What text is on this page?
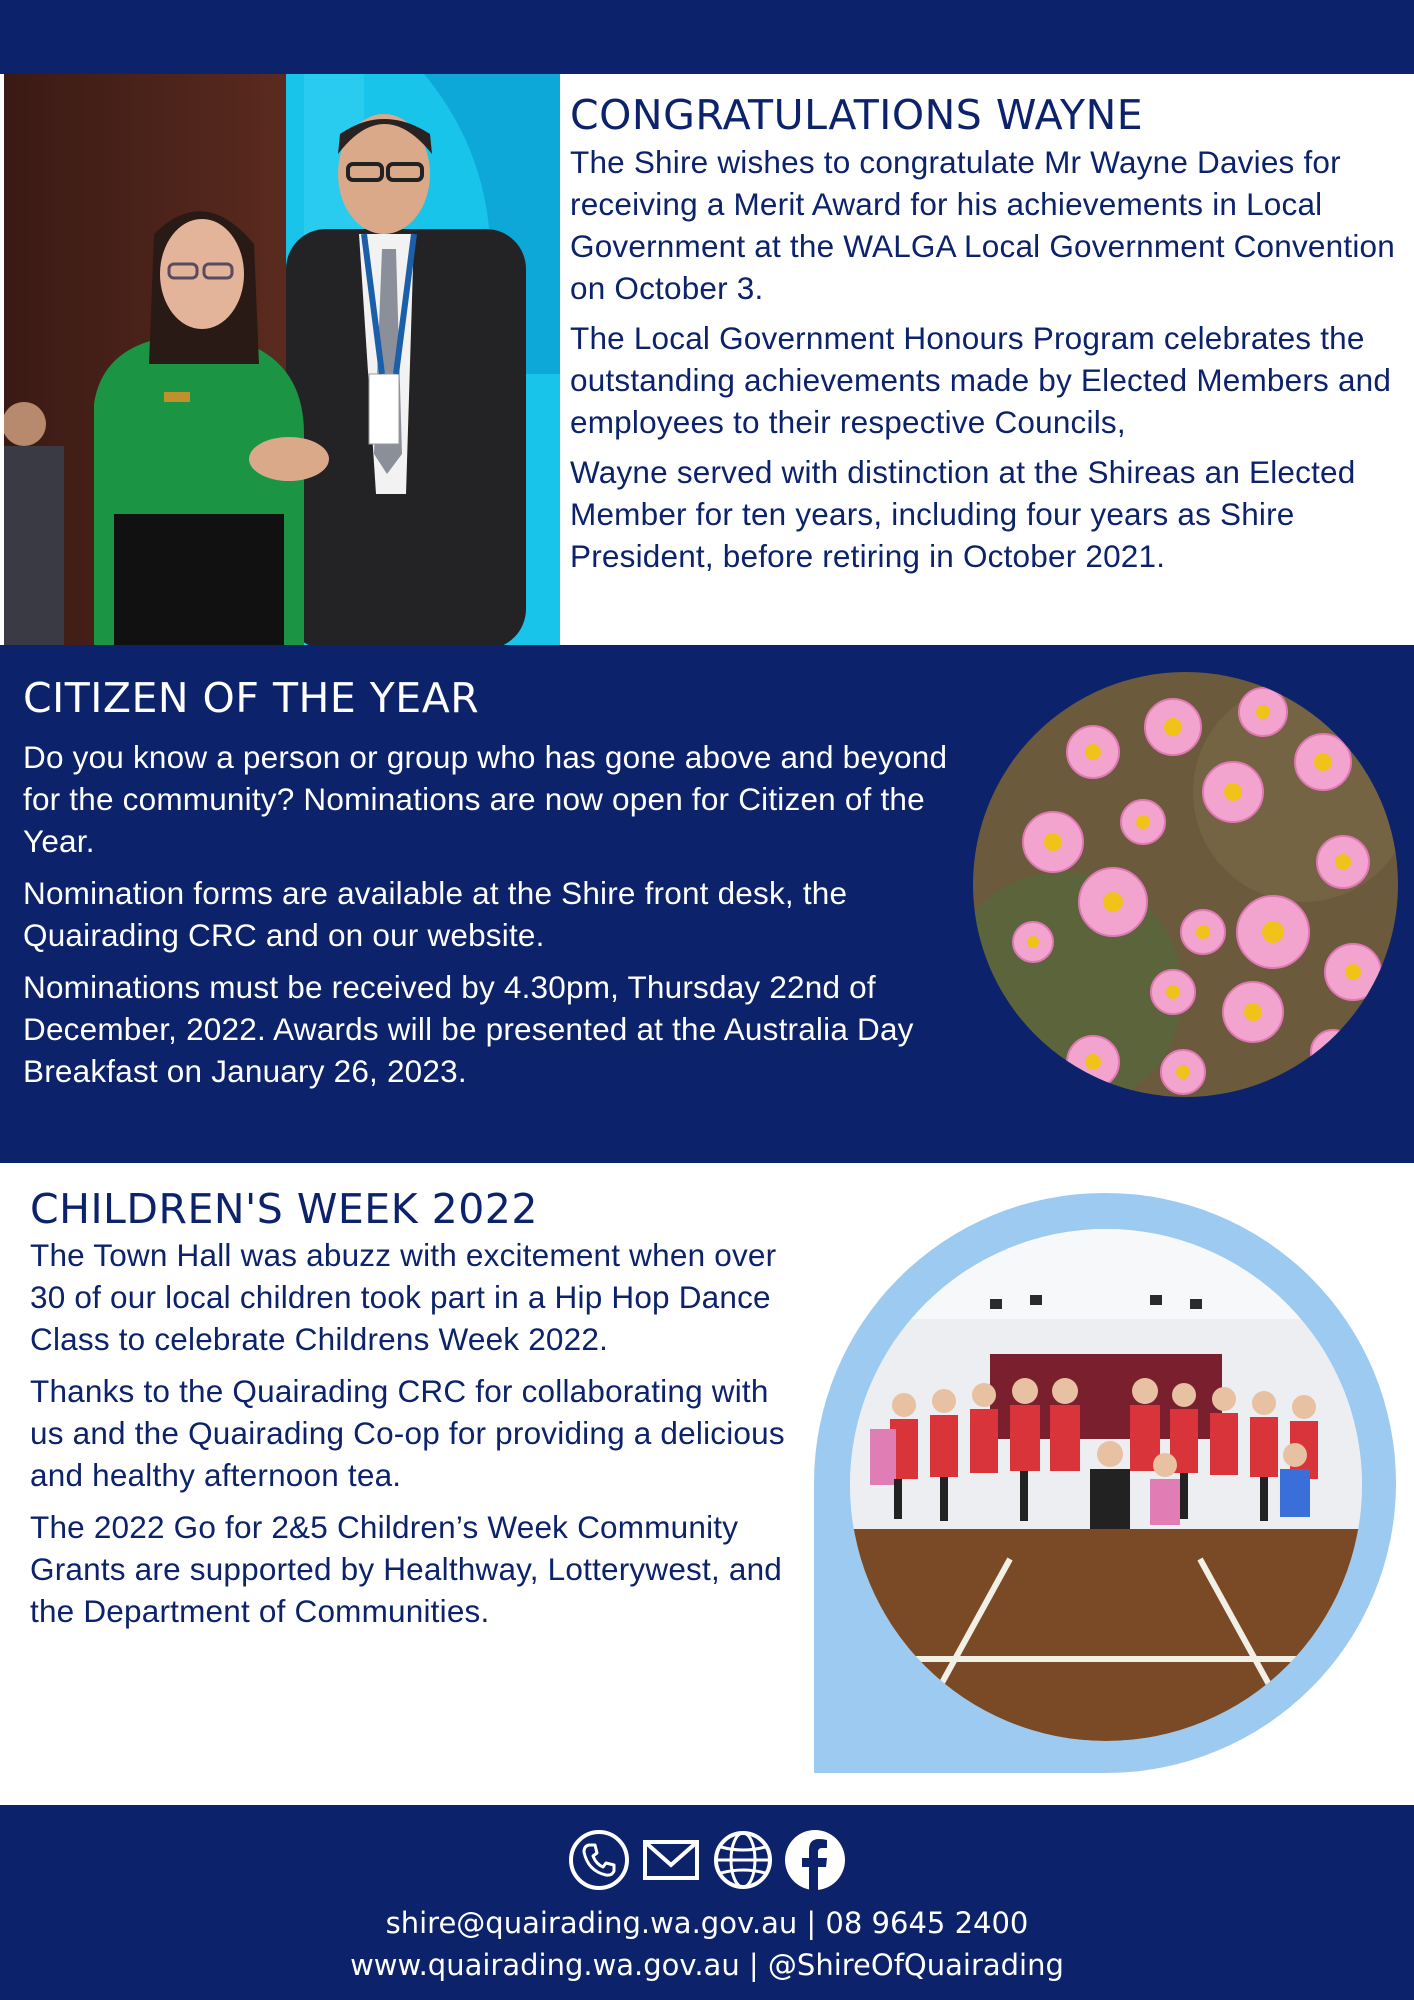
CONGRATULATIONS WAYNE

The Shire wishes to congratulate Mr Wayne Davies for receiving a Merit Award for his achievements in Local Government at the WALGA Local Government Convention on October 3.

The Local Government Honours Program celebrates the outstanding achievements made by Elected Members and employees to their respective Councils,

Wayne served with distinction at the Shireas an Elected Member for ten years, including four years as Shire President, before retiring in October 2021.

CITIZEN OF THE YEAR

Do you know a person or group who has gone above and beyond for the community? Nominations are now open for Citizen of the Year.

Nomination forms are available at the Shire front desk, the Quairading CRC and on our website.

Nominations must be received by 4.30pm, Thursday 22nd of December, 2022. Awards will be presented at the Australia Day Breakfast on January 26, 2023.

CHILDREN'S WEEK 2022

The Town Hall was abuzz with excitement when over 30 of our local children took part in a Hip Hop Dance Class to celebrate Childrens Week 2022.

Thanks to the Quairading CRC for collaborating with us and the Quairading Co-op for providing a delicious and healthy afternoon tea.

The 2022 Go for 2&5 Children’s Week Community Grants are supported by Healthway, Lotterywest, and the Department of Communities.

shire@quairading.wa.gov.au | 08 9645 2400
www.quairading.wa.gov.au | @ShireOfQuairading
